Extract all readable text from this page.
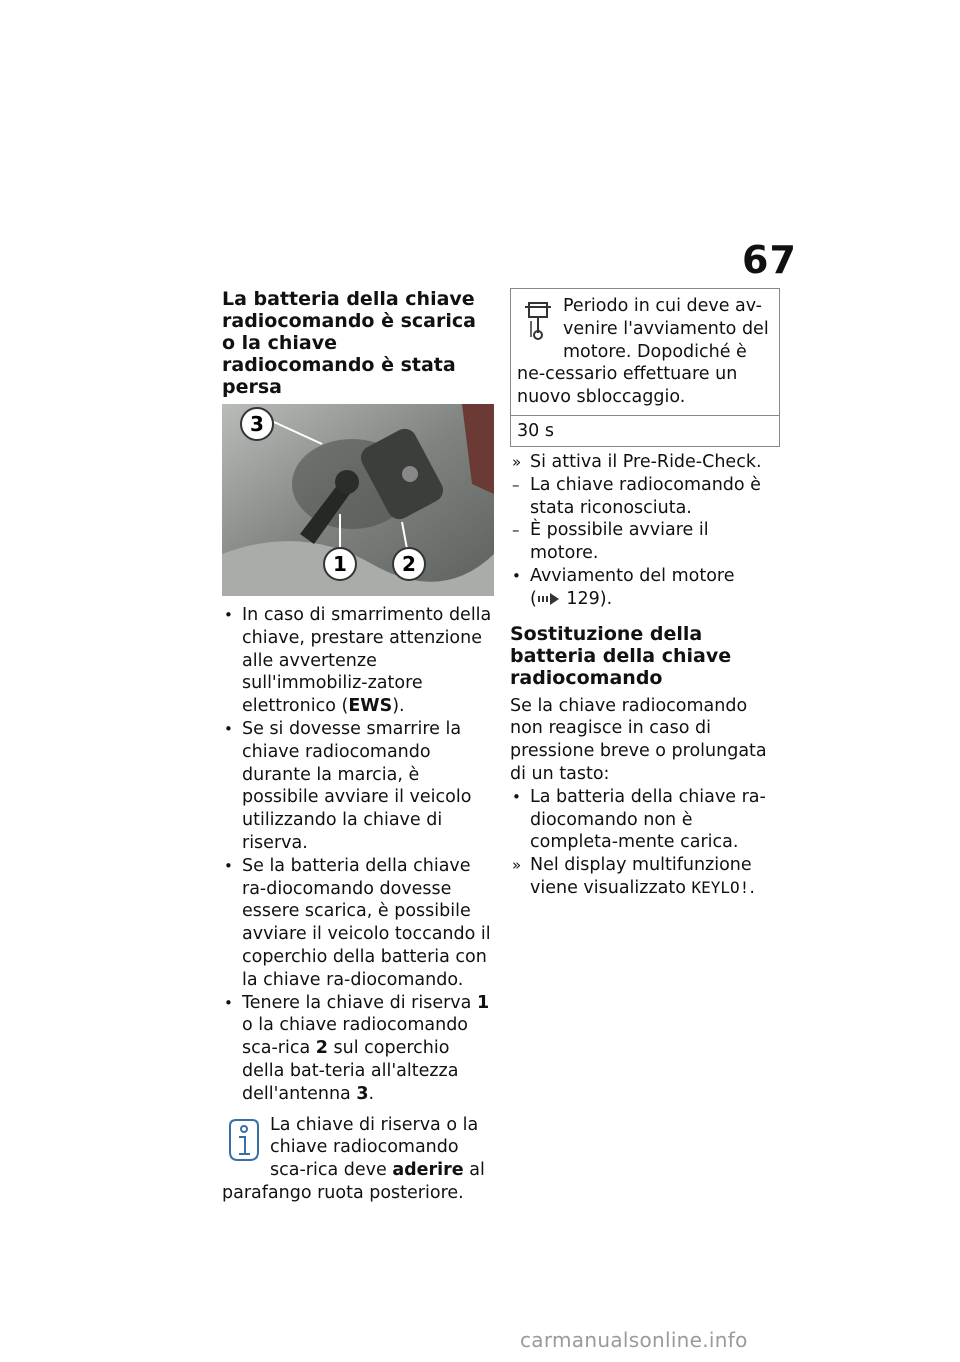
67
La batteria della chiave radiocomando è scarica o la chiave radiocomando è stata persa
3
1	2
• In caso di smarrimento della chiave, prestare attenzione alle avvertenze sull'immobiliz-zatore elettronico (EWS).
• Se si dovesse smarrire la chiave radiocomando durante la marcia, è possibile avviare il veicolo utilizzando la chiave di riserva.
• Se la batteria della chiave ra-diocomando dovesse essere scarica, è possibile avviare il veicolo toccando il coperchio della batteria con la chiave ra-diocomando.
• Tenere la chiave di riserva 1 o la chiave radiocomando sca-rica 2 sul coperchio della bat-teria all'altezza dell'antenna 3.
La chiave di riserva o la chiave radiocomando sca-rica deve aderire al parafango ruota posteriore.
Periodo in cui deve av-venire l'avviamento del motore. Dopodiché è ne-cessario effettuare un nuovo sbloccaggio.
30 s
» Si attiva il Pre-Ride-Check.
– La chiave radiocomando è stata riconosciuta.
– È possibile avviare il motore.
• Avviamento del motore
( 129).
Sostituzione della batteria della chiave radiocomando

Se la chiave radiocomando non reagisce in caso di pressione breve o prolungata di un tasto:

• La batteria della chiave ra-diocomando non è completa-mente carica.
» Nel display multifunzione viene visualizzato KEYLO!.
carmanualsonline.info
